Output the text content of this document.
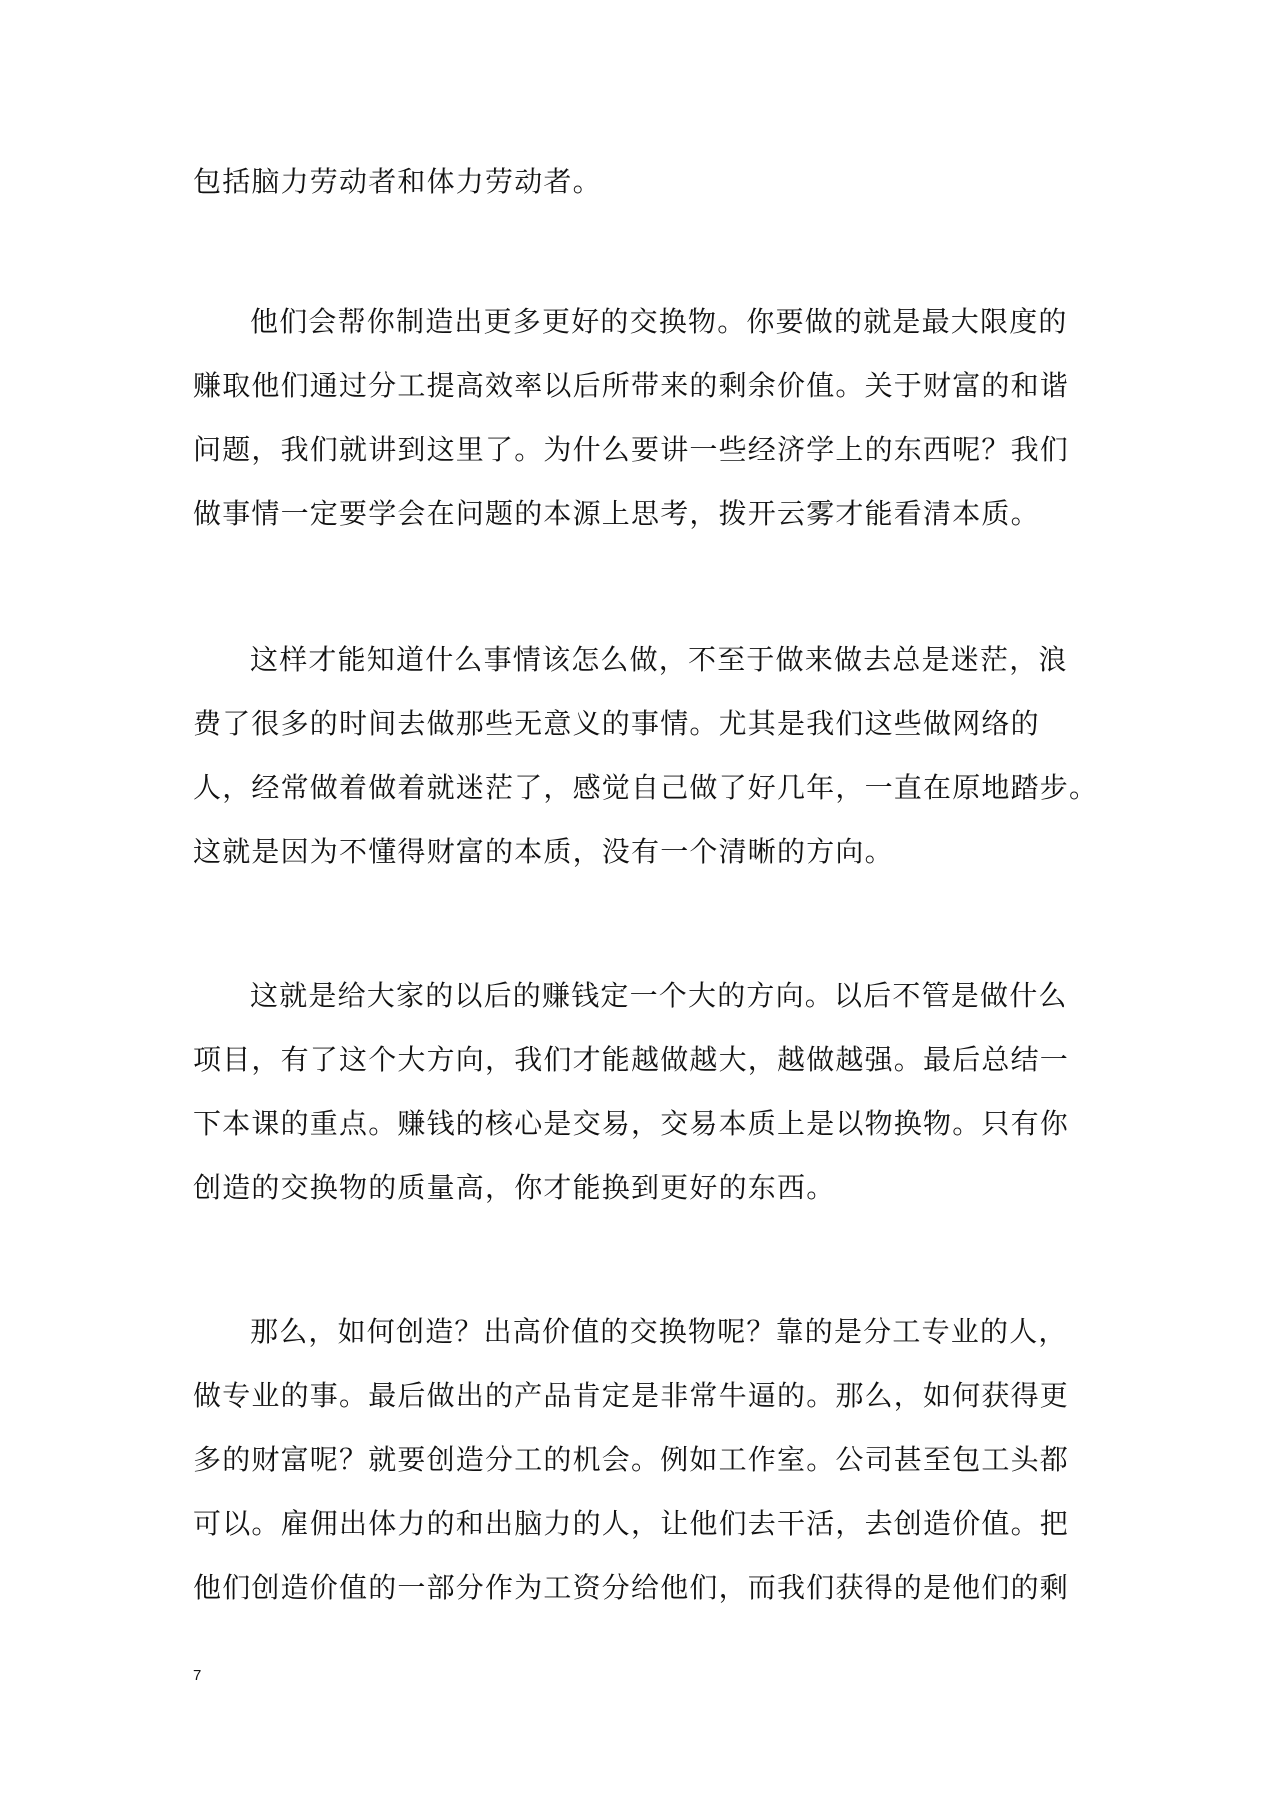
包括脑力劳动者和体力劳动者。
他们会帮你制造出更多更好的交换物。你要做的就是最大限度的
赚取他们通过分工提高效率以后所带来的剩余价值。关于财富的和谐
问题，我们就讲到这里了。为什么要讲一些经济学上的东西呢？我们
做事情一定要学会在问题的本源上思考，拨开云雾才能看清本质。
这样才能知道什么事情该怎么做，不至于做来做去总是迷茫，浪
费了很多的时间去做那些无意义的事情。尤其是我们这些做网络的
人，经常做着做着就迷茫了，感觉自己做了好几年，一直在原地踏步。
这就是因为不懂得财富的本质，没有一个清晰的方向。
这就是给大家的以后的赚钱定一个大的方向。以后不管是做什么
项目，有了这个大方向，我们才能越做越大，越做越强。最后总结一
下本课的重点。赚钱的核心是交易，交易本质上是以物换物。只有你
创造的交换物的质量高，你才能换到更好的东西。
那么，如何创造？出高价值的交换物呢？靠的是分工专业的人，
做专业的事。最后做出的产品肯定是非常牛逼的。那么，如何获得更
多的财富呢？就要创造分工的机会。例如工作室。公司甚至包工头都
可以。雇佣出体力的和出脑力的人，让他们去干活，去创造价值。把
他们创造价值的一部分作为工资分给他们，而我们获得的是他们的剩
7
